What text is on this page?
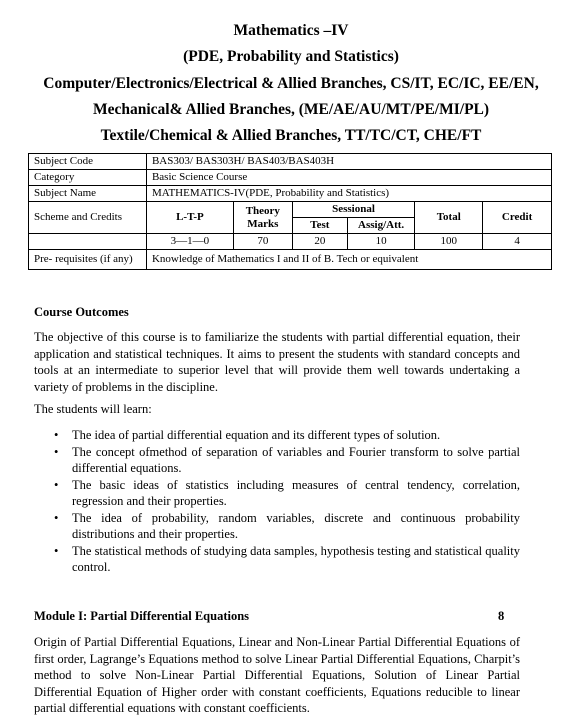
Mathematics –IV
(PDE, Probability and Statistics)
Computer/Electronics/Electrical & Allied Branches, CS/IT, EC/IC, EE/EN,
Mechanical& Allied Branches, (ME/AE/AU/MT/PE/MI/PL)
Textile/Chemical & Allied Branches, TT/TC/CT, CHE/FT
Subject Code	BAS303/ BAS303H/ BAS403/BAS403H					
Category	Basic Science Course					
Subject Name	MATHEMATICS-IV(PDE, Probability and Statistics)					
Scheme and Credits	L-T-P	Theory Marks	Sessional		Total	Credit
			Test	Assig/Att.		
	3—1—0	70	20	10	100	4
Pre- requisites (if any)	Knowledge of Mathematics I and II of B. Tech or equivalent					
Course Outcomes
The objective of this course is to familiarize the students with partial differential equation, their application and statistical techniques. It aims to present the students with standard concepts and tools at an intermediate to superior level that will provide them well towards undertaking a variety of problems in the discipline.
The students will learn:
• The idea of partial differential equation and its different types of solution.
• The concept ofmethod of separation of variables and Fourier transform to solve partial differential equations.
• The basic ideas of statistics including measures of central tendency, correlation, regression and their properties.
• The idea of probability, random variables, discrete and continuous probability distributions and their properties.
• The statistical methods of studying data samples, hypothesis testing and statistical quality control.
Module I: Partial Differential Equations	8
Origin of Partial Differential Equations, Linear and Non-Linear Partial Differential Equations of first order, Lagrange’s Equations method to solve Linear Partial Differential Equations, Charpit’s method to solve Non-Linear Partial Differential Equations, Solution of Linear Partial Differential Equation of Higher order with constant coefficients, Equations reducible to linear partial differential equations with constant coefficients.
